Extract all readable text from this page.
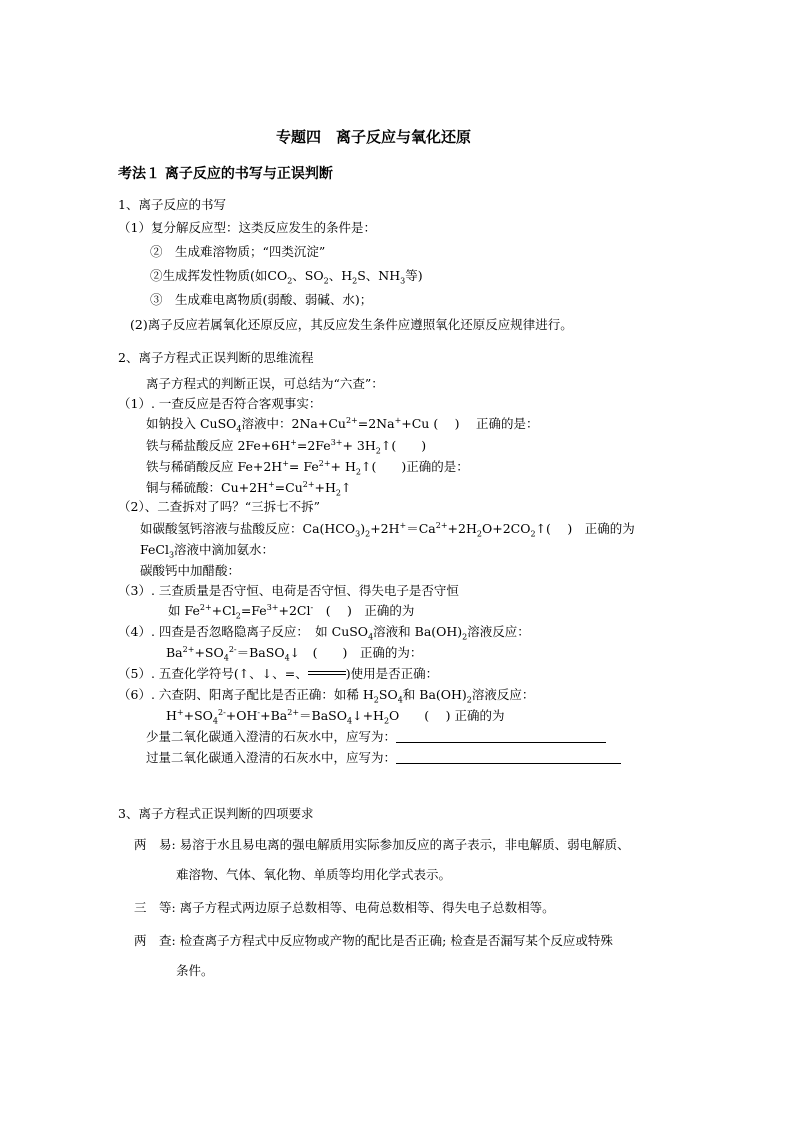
专题四　离子反应与氧化还原
考法１ 离子反应的书写与正误判断
1、离子反应的书写
（1）复分解反应型：这类反应发生的条件是：
②　生成难溶物质；“四类沉淀”
②生成挥发性物质(如$CO_2$、$SO_2$、$H_2S$、$NH_3$等)
③　生成难电离物质(弱酸、弱碱、水)；
(2)离子反应若属氧化还原反应，其反应发生条件应遵照氧化还原反应规律进行。
2、离子方程式正误判断的思维流程
离子方程式的判断正误，可总结为“六查”：
（1）. 一查反应是否符合客观事实：
如钠投入 CuSO$_4$溶液中：$2Na+Cu^{2+}=2Na^++Cu$ (　 )　 正确的是：
铁与稀盐酸反应 $2Fe+6H^+=2Fe^{3+}+$ $3H_2↑$(　　)
铁与稀硝酸反应 $Fe+2H^+= Fe^{2+}+$ $H_2↑$(　　)正确的是：
铜与稀硫酸：$Cu+2H^+=Cu^{2+}+H_2↑$
（2）、二查拆对了吗？“三拆七不拆”
如碳酸氢钙溶液与盐酸反应：$Ca(HCO_3)_2+2H^+=Ca^{2+}+2H_2O+2CO_2↑$(　 )　正确的为
FeCl$_3$溶液中滴加氨水：
碳酸钙中加醋酸：
（3）. 三查质量是否守恒、电荷是否守恒、得失电子是否守恒
如 $Fe^{2+}+Cl_2=Fe^{3+}+2Cl^-$　(　 )　正确的为
（4）. 四查是否忽略隐离子反应：　如 CuSO$_4$溶液和 $Ba(OH)_2$溶液反应：
$Ba^{2+}+SO_4^{2-}=BaSO_4↓$　(　　)　正确的为：
（5）. 五查化学符号(↑、↓、=、	)使用是否正确：
（6）. 六查阴、阳离子配比是否正确：如稀 $H_2SO_4$和 $Ba(OH)_2$溶液反应：
$H^++SO_4^{2-}+OH^-+Ba^{2+}=BaSO_4↓+H_2O$　　(　 ) 正确的为
少量二氧化碳通入澄清的石灰水中，应写为：
过量二氧化碳通入澄清的石灰水中，应写为：
3、离子方程式正误判断的四项要求
两　易: 易溶于水且易电离的强电解质用实际参加反应的离子表示，非电解质、弱电解质、
难溶物、气体、氧化物、单质等均用化学式表示。
三　等: 离子方程式两边原子总数相等、电荷总数相等、得失电子总数相等。
两　查: 检查离子方程式中反应物或产物的配比是否正确; 检查是否漏写某个反应或特殊
条件。
